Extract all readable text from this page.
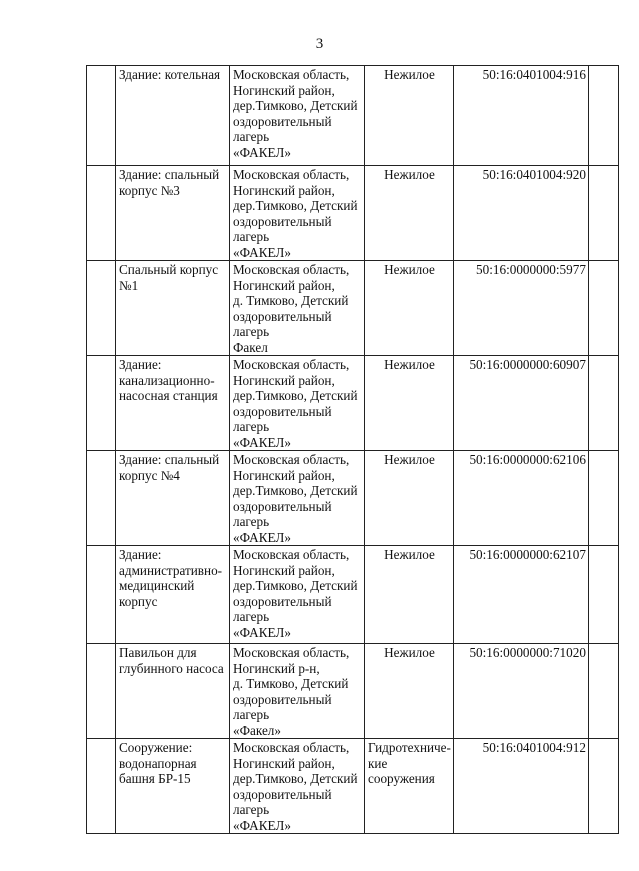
3
	Здание: котельная	Московская область,
Ногинский район,
дер.Тимково, Детский
оздоровительный лагерь
«ФАКЕЛ»	Нежилое	50:16:0401004:916	
	Здание: спальный
корпус №3	Московская область,
Ногинский район,
дер.Тимково, Детский
оздоровительный лагерь
«ФАКЕЛ»	Нежилое	50:16:0401004:920	
	Спальный корпус
№1	Московская область,
Ногинский район,
д. Тимково, Детский
оздоровительный лагерь
Факел	Нежилое	50:16:0000000:5977	
	Здание:
канализационно-
насосная станция	Московская область,
Ногинский район,
дер.Тимково, Детский
оздоровительный лагерь
«ФАКЕЛ»	Нежилое	50:16:0000000:60907	
	Здание: спальный
корпус №4	Московская область,
Ногинский район,
дер.Тимково, Детский
оздоровительный лагерь
«ФАКЕЛ»	Нежилое	50:16:0000000:62106	
	Здание:
административно-
медицинский
корпус	Московская область,
Ногинский район,
дер.Тимково, Детский
оздоровительный лагерь
«ФАКЕЛ»	Нежилое	50:16:0000000:62107	
	Павильон для
глубинного насоса	Московская область,
Ногинский р-н,
д. Тимково, Детский
оздоровительный лагерь
«Факел»	Нежилое	50:16:0000000:71020	
	Сооружение:
водонапорная
башня БР-15	Московская область,
Ногинский район,
дер.Тимково, Детский
оздоровительный лагерь
«ФАКЕЛ»	Гидротехниче-
кие
сооружения	50:16:0401004:912	
